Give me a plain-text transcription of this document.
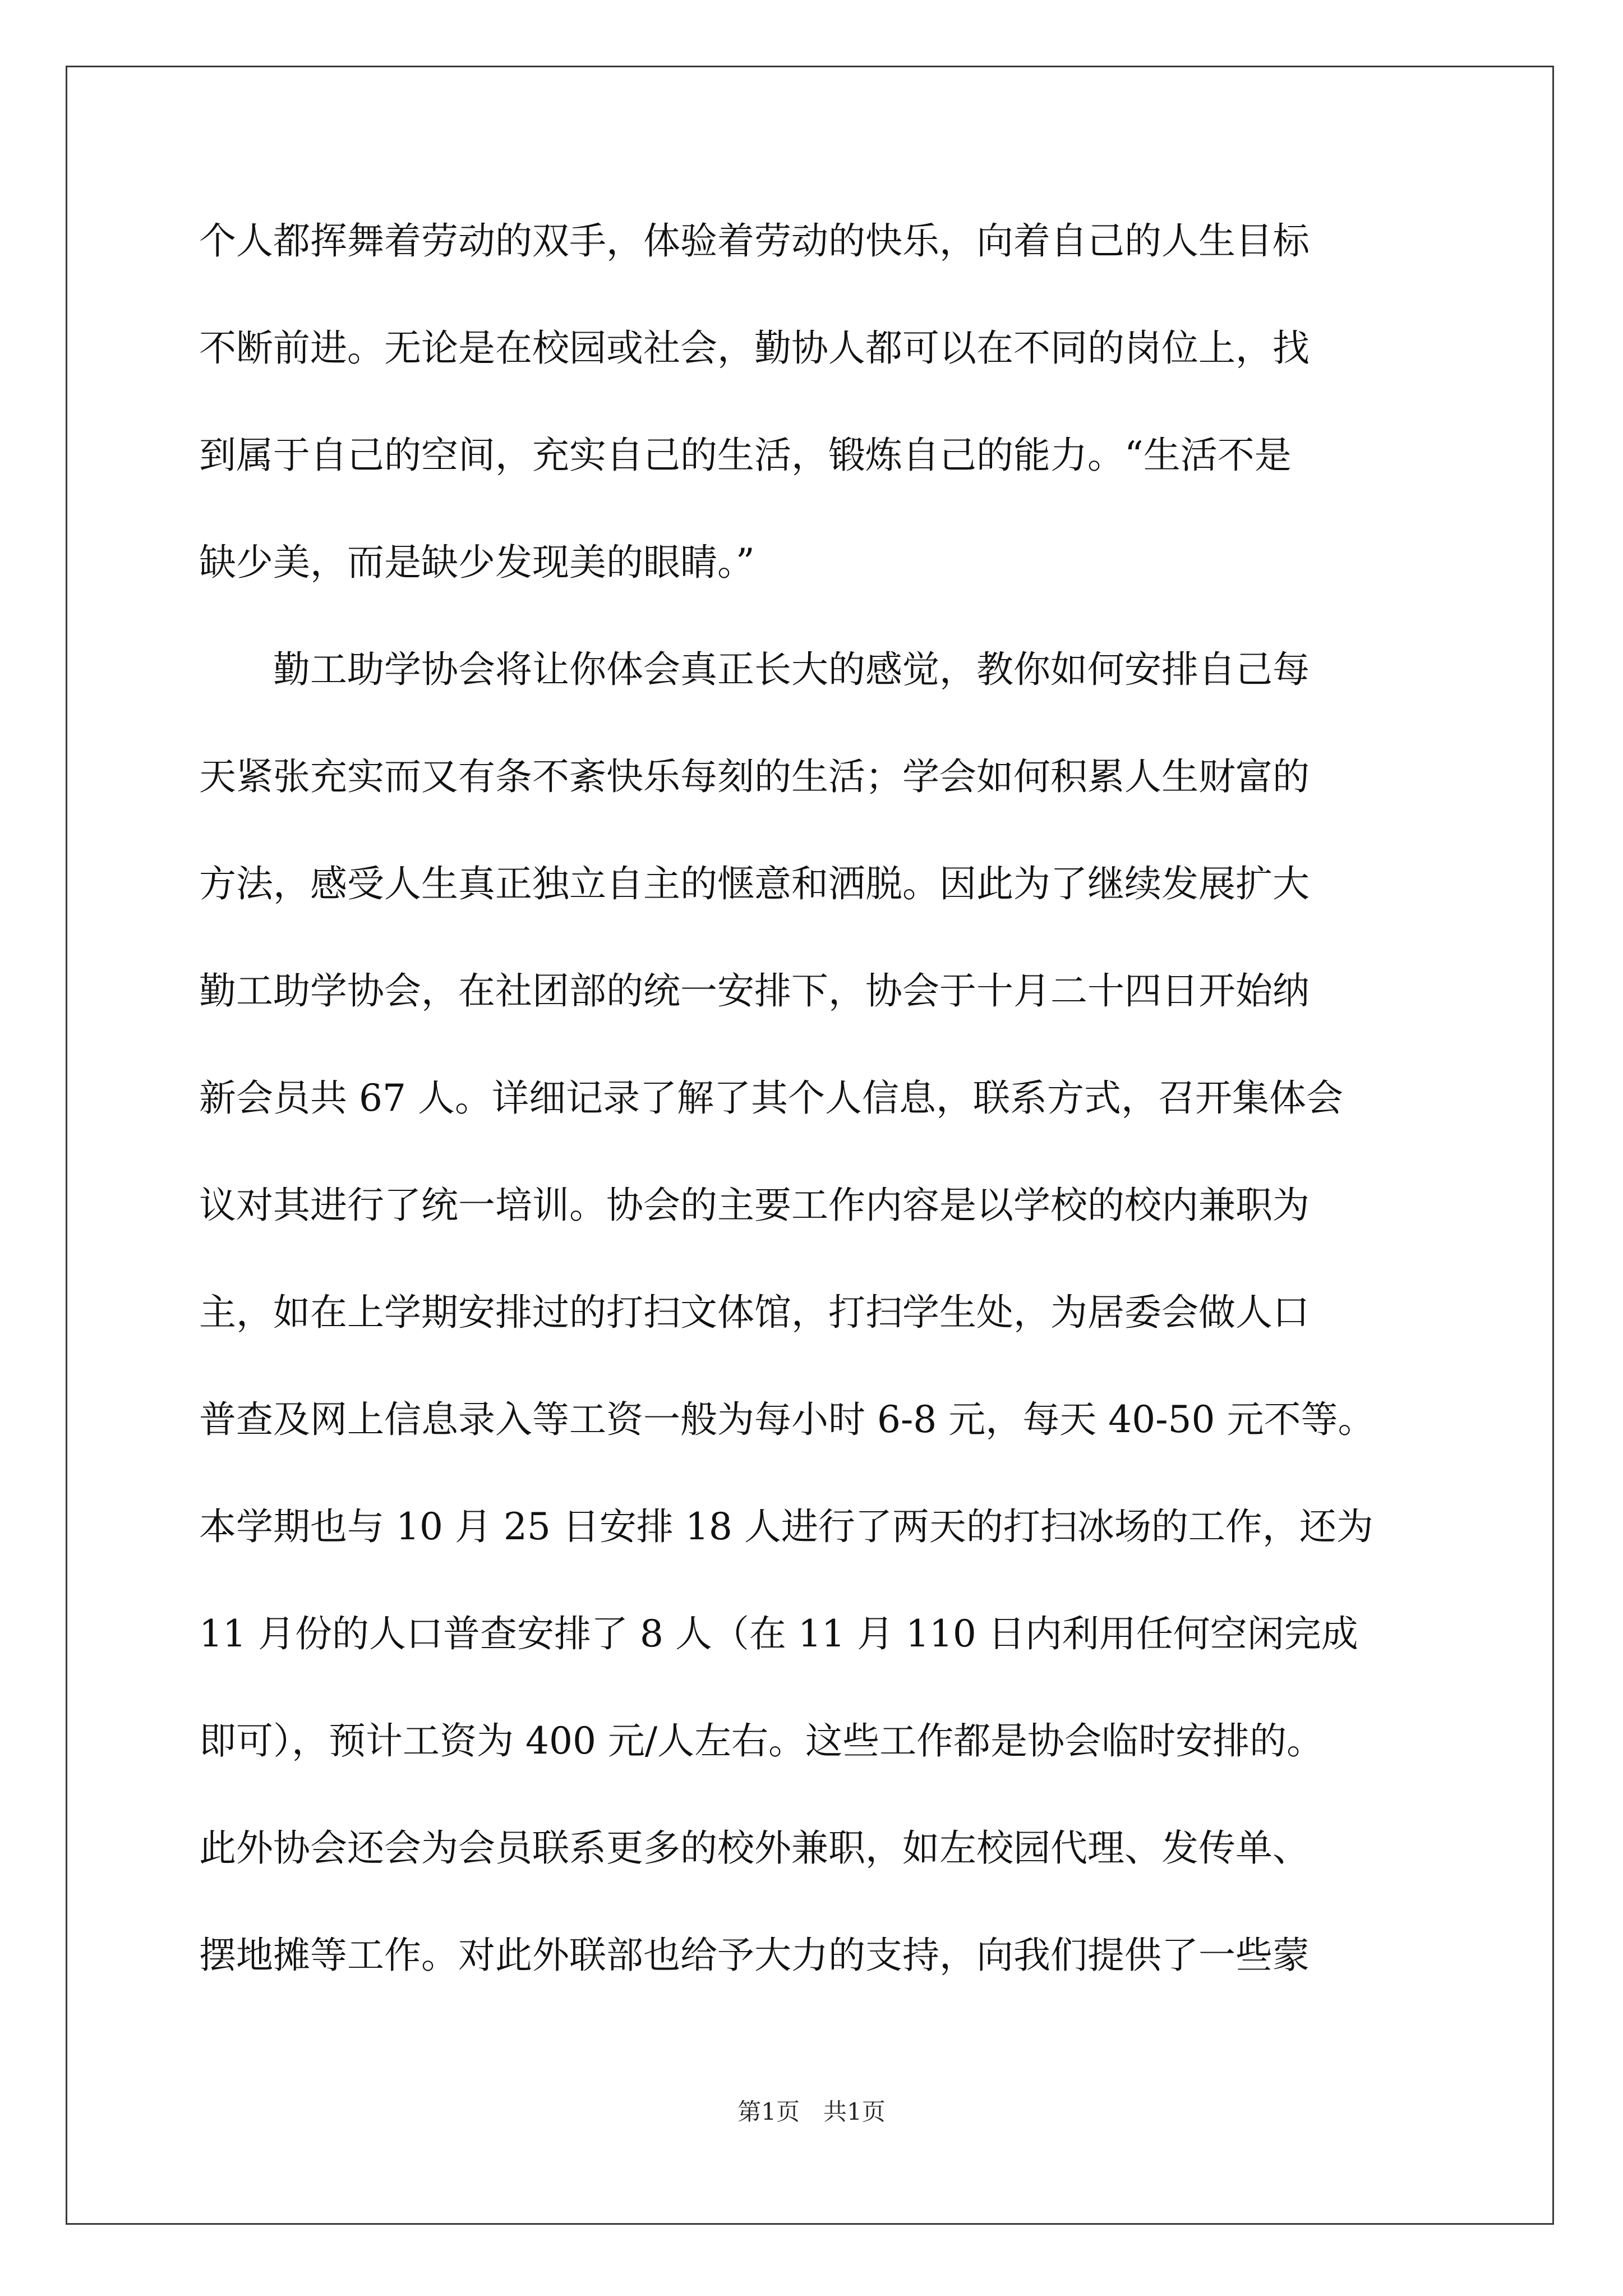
个人都挥舞着劳动的双手，体验着劳动的快乐，向着自己的人生目标
不断前进。无论是在校园或社会，勤协人都可以在不同的岗位上，找
到属于自己的空间，充实自己的生活，锻炼自己的能力。“生活不是
缺少美，而是缺少发现美的眼睛。”
　　勤工助学协会将让你体会真正长大的感觉，教你如何安排自己每
天紧张充实而又有条不紊快乐每刻的生活；学会如何积累人生财富的
方法，感受人生真正独立自主的惬意和洒脱。因此为了继续发展扩大
勤工助学协会，在社团部的统一安排下，协会于十月二十四日开始纳
新会员共 67 人。详细记录了解了其个人信息，联系方式，召开集体会
议对其进行了统一培训。协会的主要工作内容是以学校的校内兼职为
主，如在上学期安排过的打扫文体馆，打扫学生处，为居委会做人口
普查及网上信息录入等工资一般为每小时 6-8 元，每天 40-50 元不等。
本学期也与 10 月 25 日安排 18 人进行了两天的打扫冰场的工作，还为
11 月份的人口普查安排了 8 人（在 11 月 110 日内利用任何空闲完成
即可），预计工资为 400 元/人左右。这些工作都是协会临时安排的。
此外协会还会为会员联系更多的校外兼职，如左校园代理、发传单、
摆地摊等工作。对此外联部也给予大力的支持，向我们提供了一些蒙
第1页　共1页
